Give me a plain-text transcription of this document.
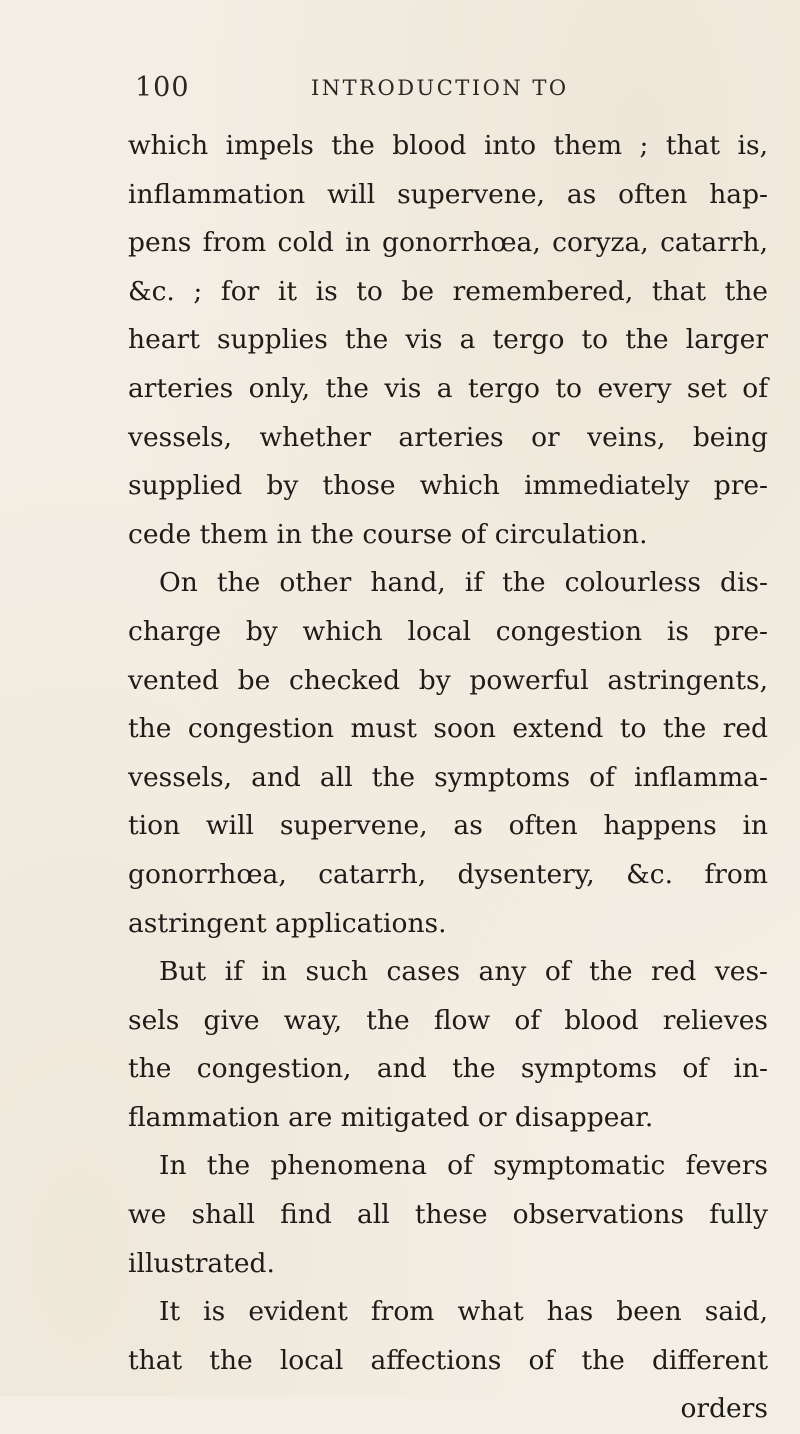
100	INTRODUCTION TO
which impels the blood into them ; that is,
inflammation will supervene, as often hap-
pens from cold in gonorrhœa, coryza, catarrh,
&c. ; for it is to be remembered, that the
heart supplies the vis a tergo to the larger
arteries only, the vis a tergo to every set of
vessels, whether arteries or veins, being
supplied by those which immediately pre-
cede them in the course of circulation.
On the other hand, if the colourless dis-
charge by which local congestion is pre-
vented be checked by powerful astringents,
the congestion must soon extend to the red
vessels, and all the symptoms of inflamma-
tion will supervene, as often happens in
gonorrhœa, catarrh, dysentery, &c. from
astringent applications.
But if in such cases any of the red ves-
sels give way, the flow of blood relieves
the congestion, and the symptoms of in-
flammation are mitigated or disappear.
In the phenomena of symptomatic fevers
we shall find all these observations fully
illustrated.
It is evident from what has been said,
that the local affections of the different
orders
